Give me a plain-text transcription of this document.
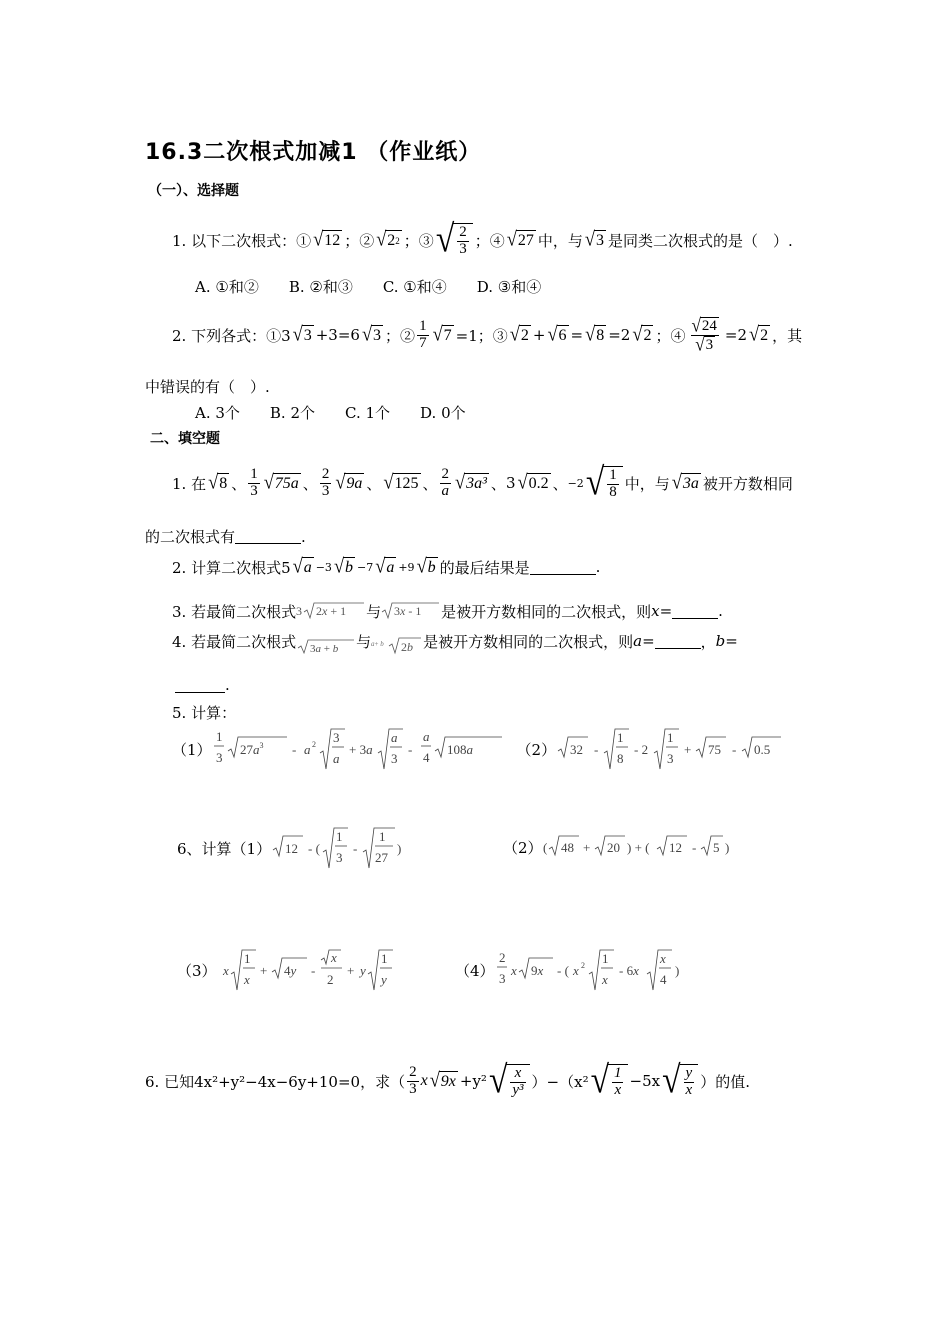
16.3二次根式加减1 （作业纸）
（一）、选择题
1. 以下二次根式：① √ 12 ；② √ 2 2 ；③ √ $\frac{2}{3}$ ；④ √ 27 中，与 √ 3 是同类二次根式的是（　）.
A. ①和②　　B. ②和③　　C. ①和④　　D. ③和④
2. 下列各式：①3 √ 3 +3=6 √ 3 ；② $\frac{1}{7}$ √ 7 =1；③ √ 2 + √ 6 = √ 8 =2 √ 2 ；④ $\frac{√ 24}{√ 3} =2$ √ 2 ，其
中错误的有（　）.
A. 3个　　B. 2个　　C. 1个　　D. 0个
二、填空题
1. 在 √ 8 、 $\frac{1}{3}$ √ 75a 、 $\frac{2}{3}$ √ 9a 、 √ 125 、 $\frac{2}{a}$ √ 3a³ 、 3 √ 0.2 、 −2 √ $\frac{1}{8}$ 中，与 √ 3a 被开方数相同
的二次根式有	.
2. 计算二次根式5 √ a −3 √ b −7 √ a +9 √ b 的最后结果是	.
3. 若最简二次根式 3 2x + 1 与 3x - 1 是被开方数相同的二次根式，则 x =	.
4. 若最简二次根式 3a + b 与 a+ b 2b 是被开方数相同的二次根式，则 a =	， b =
.
5. 计算：
（1）
1
3
$27a^3$ - a 2 3
a
+ 3a
a
3
-
a
4
108a	（2） 32 -
1
8
- 2
1
3
+ 75 - 0.5
6、计算（1） 12 - (
1
3
-
1
27
)	（2） ( 48 + 20 ) + ( 12 - 5 )
（3） x
1
x
+ 4y -
x
2
+ y
1
y	（4）
2
3
x 9x - ( x 2 1
x
- 6x
x
4
)
6. 已知4x²+y²−4x−6y+10=0，求（ $\frac{2}{3}$ x √ 9x +y² √ $\frac{x}{\text{y³}} )-(x^2$ √ $\frac{1}{x} -5x$ √ $\frac{y}{x}$ ）的值.
